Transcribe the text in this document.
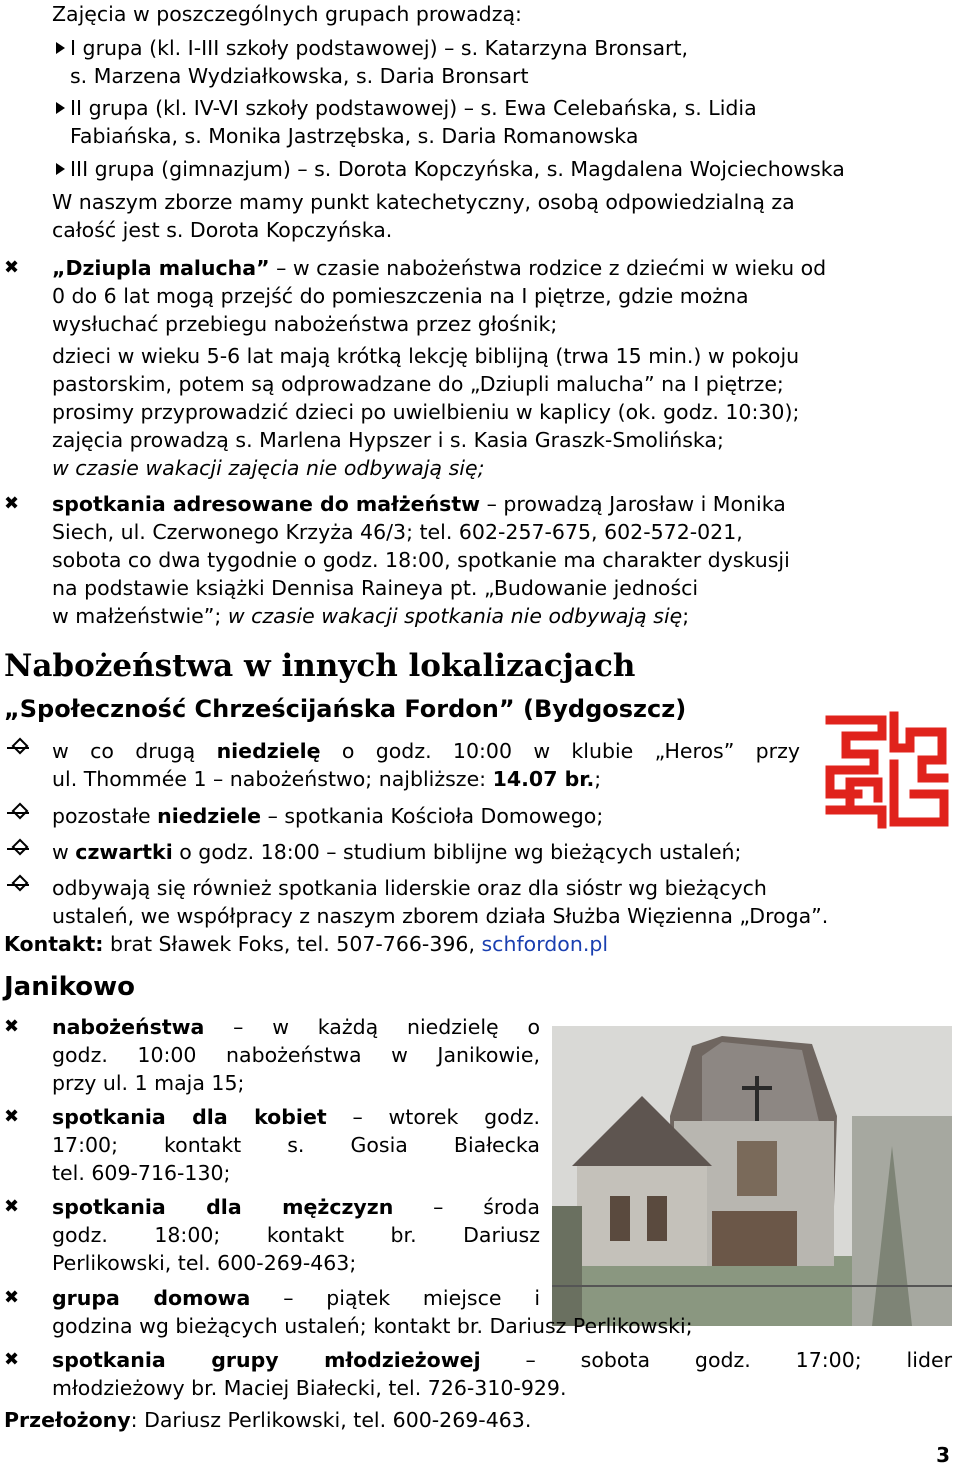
Zajęcia w poszczególnych grupach prowadzą:
I grupa (kl. I-III szkoły podstawowej) – s. Katarzyna Bronsart,
s. Marzena Wydziałkowska, s. Daria Bronsart
II grupa (kl. IV-VI szkoły podstawowej) – s. Ewa Celebańska, s. Lidia
Fabiańska, s. Monika Jastrzębska, s. Daria Romanowska
III grupa (gimnazjum) – s. Dorota Kopczyńska, s. Magdalena Wojciechowska
W naszym zborze mamy punkt katechetyczny, osobą odpowiedzialną za
całość jest s. Dorota Kopczyńska.
✖	„Dziupla malucha” – w czasie nabożeństwa rodzice z dziećmi w wieku od
0 do 6 lat mogą przejść do pomieszczenia na I piętrze, gdzie można
wysłuchać przebiegu nabożeństwa przez głośnik;
dzieci w wieku 5-6 lat mają krótką lekcję biblijną (trwa 15 min.) w pokoju
pastorskim, potem są odprowadzane do „Dziupli malucha” na I piętrze;
prosimy przyprowadzić dzieci po uwielbieniu w kaplicy (ok. godz. 10:30);
zajęcia prowadzą s. Marlena Hypszer i s. Kasia Graszk-Smolińska;
w czasie wakacji zajęcia nie odbywają się;
✖	spotkania adresowane do małżeństw – prowadzą Jarosław i Monika
Siech, ul. Czerwonego Krzyża 46/3; tel. 602-257-675, 602-572-021,
sobota co dwa tygodnie o godz. 18:00, spotkanie ma charakter dyskusji
na podstawie książki Dennisa Raineya pt. „Budowanie jedności
w małżeństwie”; w czasie wakacji spotkania nie odbywają się;
Nabożeństwa w innych lokalizacjach
„Społeczność Chrześcijańska Fordon” (Bydgoszcz)
w co drugą niedzielę o godz. 10:00 w klubie „Heros” przy
ul. Thommée 1 – nabożeństwo; najbliższe: 14.07 br.;
pozostałe niedziele – spotkania Kościoła Domowego;
w czwartki o godz. 18:00 – studium biblijne wg bieżących ustaleń;
odbywają się również spotkania liderskie oraz dla sióstr wg bieżących
ustaleń, we współpracy z naszym zborem działa Służba Więzienna „Droga”.
Kontakt: brat Sławek Foks, tel. 507-766-396, schfordon.pl
Janikowo
✖	nabożeństwa – w każdą niedzielę o
godz. 10:00 nabożeństwa w Janikowie,
przy ul. 1 maja 15;
✖	spotkania dla kobiet – wtorek godz.
17:00; kontakt s. Gosia Białecka
tel. 609-716-130;
✖	spotkania dla mężczyzn – środa
godz. 18:00; kontakt br. Dariusz
Perlikowski, tel. 600-269-463;
✖	grupa domowa – piątek miejsce i
godzina wg bieżących ustaleń; kontakt br. Dariusz Perlikowski;
✖	spotkania grupy młodzieżowej – sobota godz. 17:00; lider
młodzieżowy br. Maciej Białecki, tel. 726-310-929.
Przełożony: Dariusz Perlikowski, tel. 600-269-463.
3
